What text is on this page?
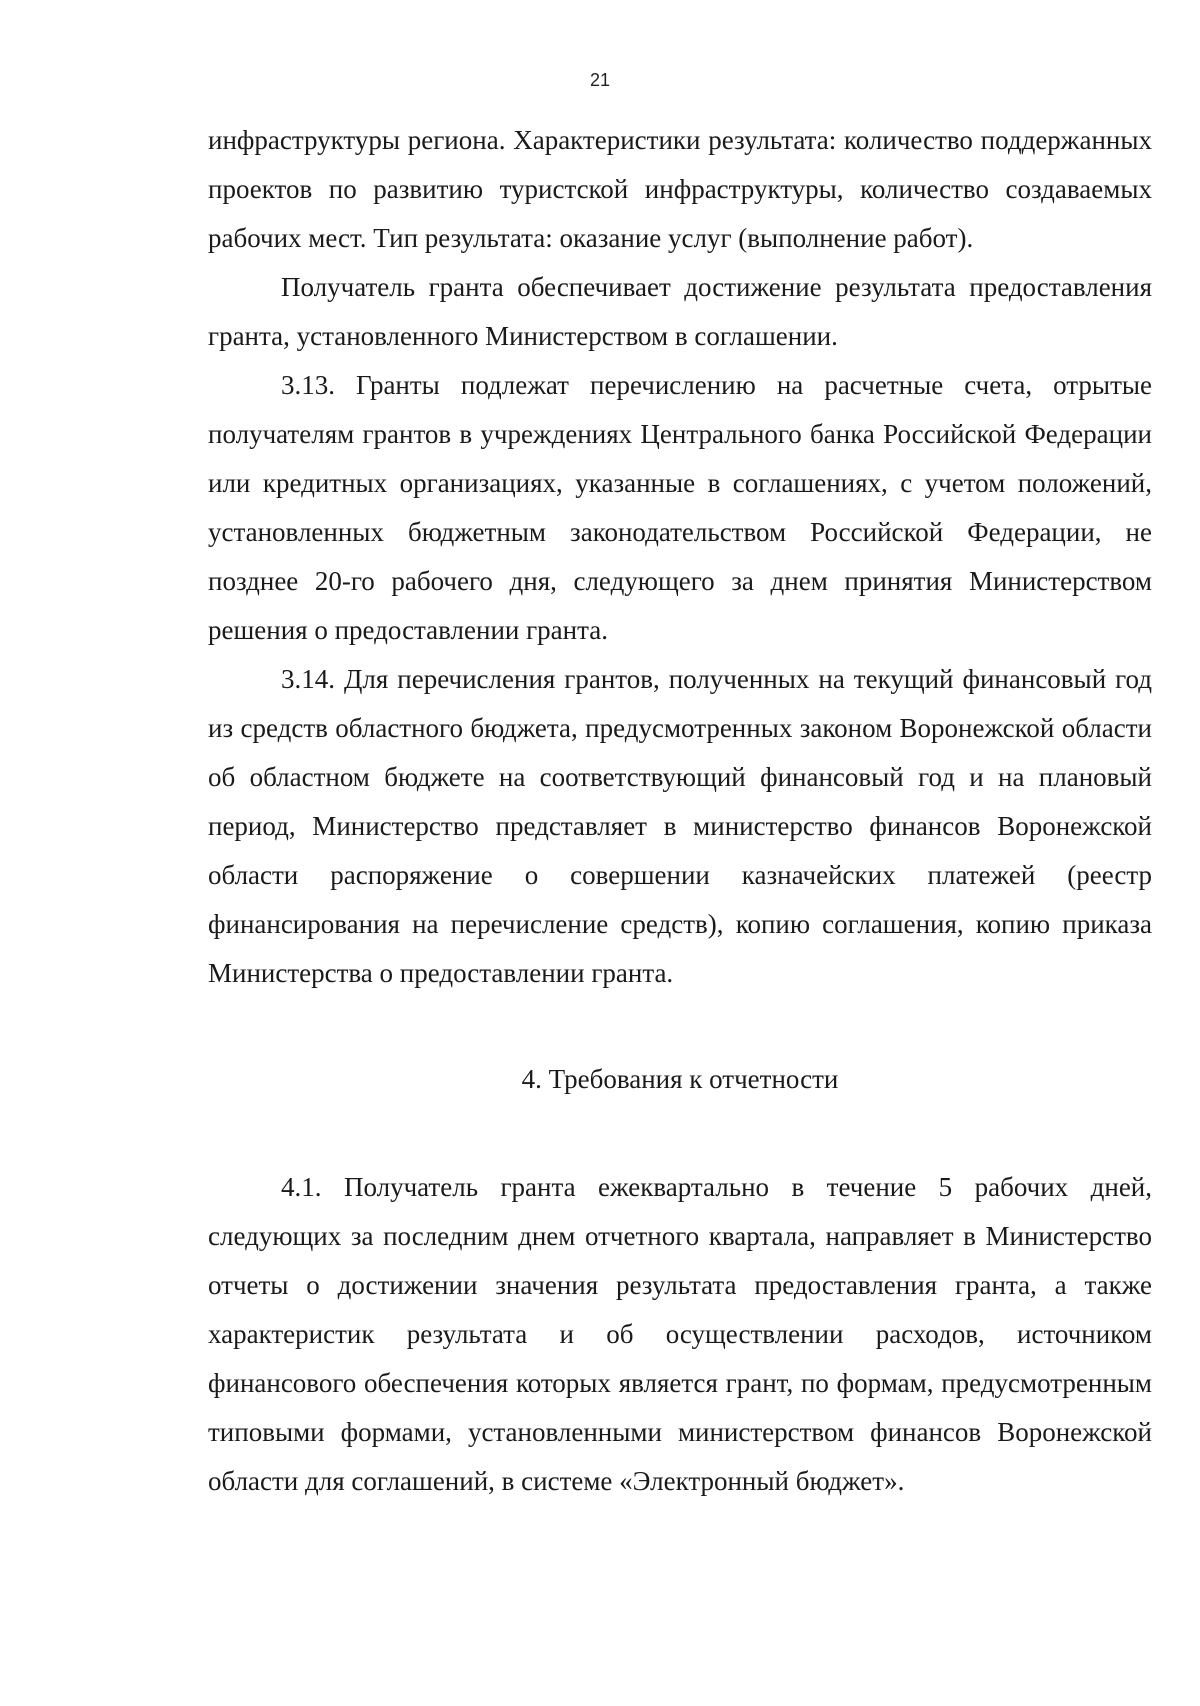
21

инфраструктуры региона. Характеристики результата: количество поддержанных проектов по развитию туристской инфраструктуры, количество создаваемых рабочих мест. Тип результата: оказание услуг (выполнение работ).

Получатель гранта обеспечивает достижение результата предоставления гранта, установленного Министерством в соглашении.

3.13. Гранты подлежат перечислению на расчетные счета, отрытые получателям грантов в учреждениях Центрального банка Российской Федерации или кредитных организациях, указанные в соглашениях, с учетом положений, установленных бюджетным законодательством Российской Федерации, не позднее 20-го рабочего дня, следующего за днем принятия Министерством решения о предоставлении гранта.

3.14. Для перечисления грантов, полученных на текущий финансовый год из средств областного бюджета, предусмотренных законом Воронежской области об областном бюджете на соответствующий финансовый год и на плановый период, Министерство представляет в министерство финансов Воронежской области распоряжение о совершении казначейских платежей (реестр финансирования на перечисление средств), копию соглашения, копию приказа Министерства о предоставлении гранта.

4. Требования к отчетности

4.1. Получатель гранта ежеквартально в течение 5 рабочих дней, следующих за последним днем отчетного квартала, направляет в Министерство отчеты о достижении значения результата предоставления гранта, а также характеристик результата и об осуществлении расходов, источником финансового обеспечения которых является грант, по формам, предусмотренным типовыми формами, установленными министерством финансов Воронежской области для соглашений, в системе «Электронный бюджет».
